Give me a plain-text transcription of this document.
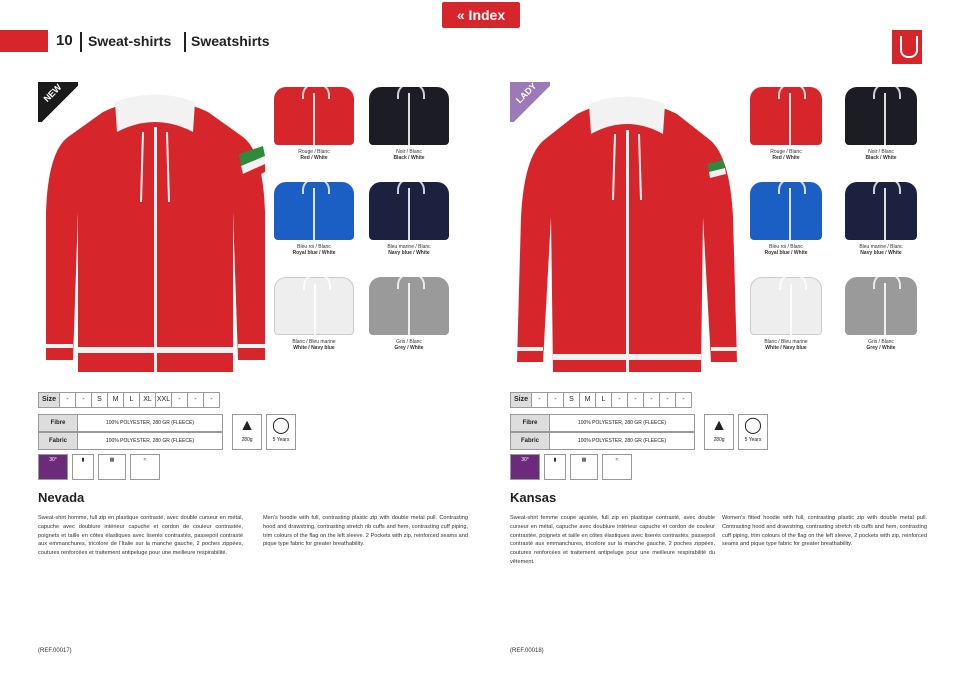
« Index
10 Sweat-shirts Sweatshirts
NEW
Rouge / Blanc
Red / White
Noir / Blanc
Black / White
Bleu roi / Blanc
Royal blue / White
Bleu marine / Blanc
Navy blue / White
Blanc / Bleu marine
White / Navy blue
Gris / Blanc
Grey / White
Size	-	-	S	M	L	XL XXL	-	-	-
Fibre	100% POLYESTER, 280 GR (FLEECE)
Fabric	100% POLYESTER, 280 GR (FLEECE)
▲
280g
◯
5 Years
30°	▮	▦	≈
Nevada
Sweat-shirt homme, full zip en plastique contrasté, avec double curseur en métal, capuche avec doublure intérieur capuche et cordon de couleur contrastée, poignets et taille en côtes élastiques avec liserés contrastés, passepoil contrasté aux emmanchures, tricolore de l'Italie sur la manche gauche, 2 poches zippées, coutures renforcées et traitement antipeluge pour une meilleure respirabilité.
Men's hoodie with full, contrasting plastic zip with double metal pull. Contrasting hood and drawstring, contrasting stretch rib cuffs and hem, contrasting cuff piping, trim colours of the flag on the left sleeve. 2 Pockets with zip, reinforced seams and pique type fabric for greater breathability.
(REF.00017)
LADY
Rouge / Blanc
Red / White
Noir / Blanc
Black / White
Bleu roi / Blanc
Royal blue / White
Bleu marine / Blanc
Navy blue / White
Blanc / Bleu marine
White / Navy blue
Gris / Blanc
Grey / White
Size	-	-	S	M	L	-	-	-	-	-
Fibre	100% POLYESTER, 280 GR (FLEECE)
Fabric	100% POLYESTER, 280 GR (FLEECE)
▲
280g
◯
5 Years
30°	▮	▦	≈
Kansas
Sweat-shirt femme coupe ajustée, full zip en plastique contrasté, avec double curseur en métal, capuche avec doublure intérieur capuche et cordon de couleur contrastée, poignets et taille en côtes élastiques avec liserés contrastés, passepoil contrasté aux emmanchures, tricolore sur la manche gauche, 2 poches zippées, coutures renforcées et traitement antipeluge pour une meilleure respirabilité du vêtement.
Women's fitted hoodie with full, contrasting plastic zip with double metal pull. Contrasting hood and drawstring, contrasting stretch rib cuffs and hem, contrasting cuff piping, trim colours of the flag on the left sleeve, 2 pockets with zip, reinforced seams and pique type fabric for greater breathability.
(REF.00018)
